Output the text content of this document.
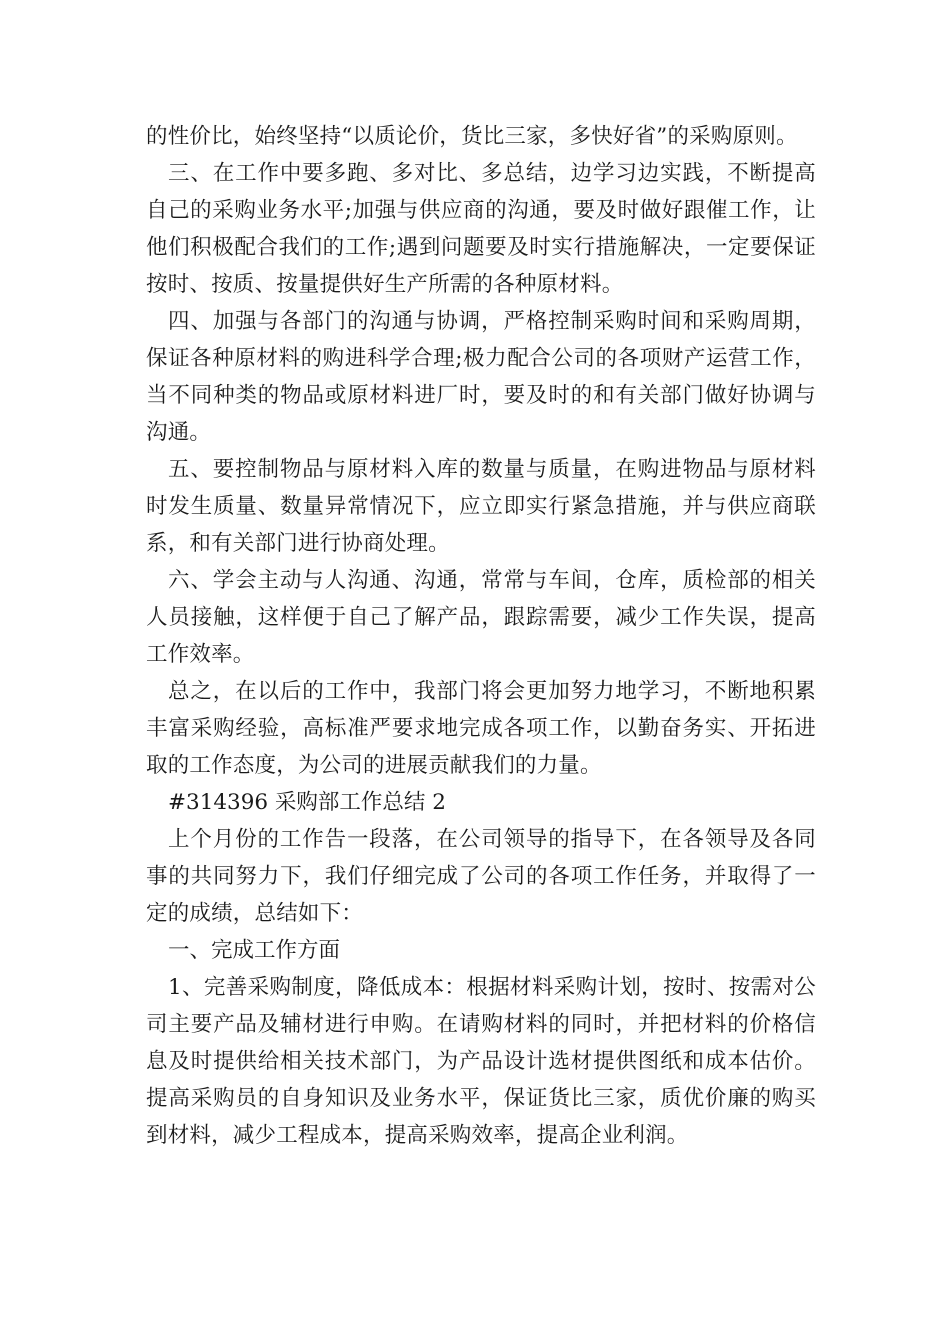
的性价比，始终坚持“以质论价，货比三家，多快好省”的采购原则。

三、在工作中要多跑、多对比、多总结，边学习边实践，不断提高自己的采购业务水平;加强与供应商的沟通，要及时做好跟催工作，让他们积极配合我们的工作;遇到问题要及时实行措施解决，一定要保证按时、按质、按量提供好生产所需的各种原材料。

四、加强与各部门的沟通与协调，严格控制采购时间和采购周期，保证各种原材料的购进科学合理;极力配合公司的各项财产运营工作，当不同种类的物品或原材料进厂时，要及时的和有关部门做好协调与沟通。

五、要控制物品与原材料入库的数量与质量，在购进物品与原材料时发生质量、数量异常情况下，应立即实行紧急措施，并与供应商联系，和有关部门进行协商处理。

六、学会主动与人沟通、沟通，常常与车间，仓库，质检部的相关人员接触，这样便于自己了解产品，跟踪需要，减少工作失误，提高工作效率。

总之，在以后的工作中，我部门将会更加努力地学习，不断地积累丰富采购经验，高标准严要求地完成各项工作，以勤奋务实、开拓进取的工作态度，为公司的进展贡献我们的力量。

#314396 采购部工作总结 2

上个月份的工作告一段落，在公司领导的指导下，在各领导及各同事的共同努力下，我们仔细完成了公司的各项工作任务，并取得了一定的成绩，总结如下：

一、完成工作方面

1、完善采购制度，降低成本：根据材料采购计划，按时、按需对公司主要产品及辅材进行申购。在请购材料的同时，并把材料的价格信息及时提供给相关技术部门，为产品设计选材提供图纸和成本估价。提高采购员的自身知识及业务水平，保证货比三家，质优价廉的购买到材料，减少工程成本，提高采购效率，提高企业利润。
